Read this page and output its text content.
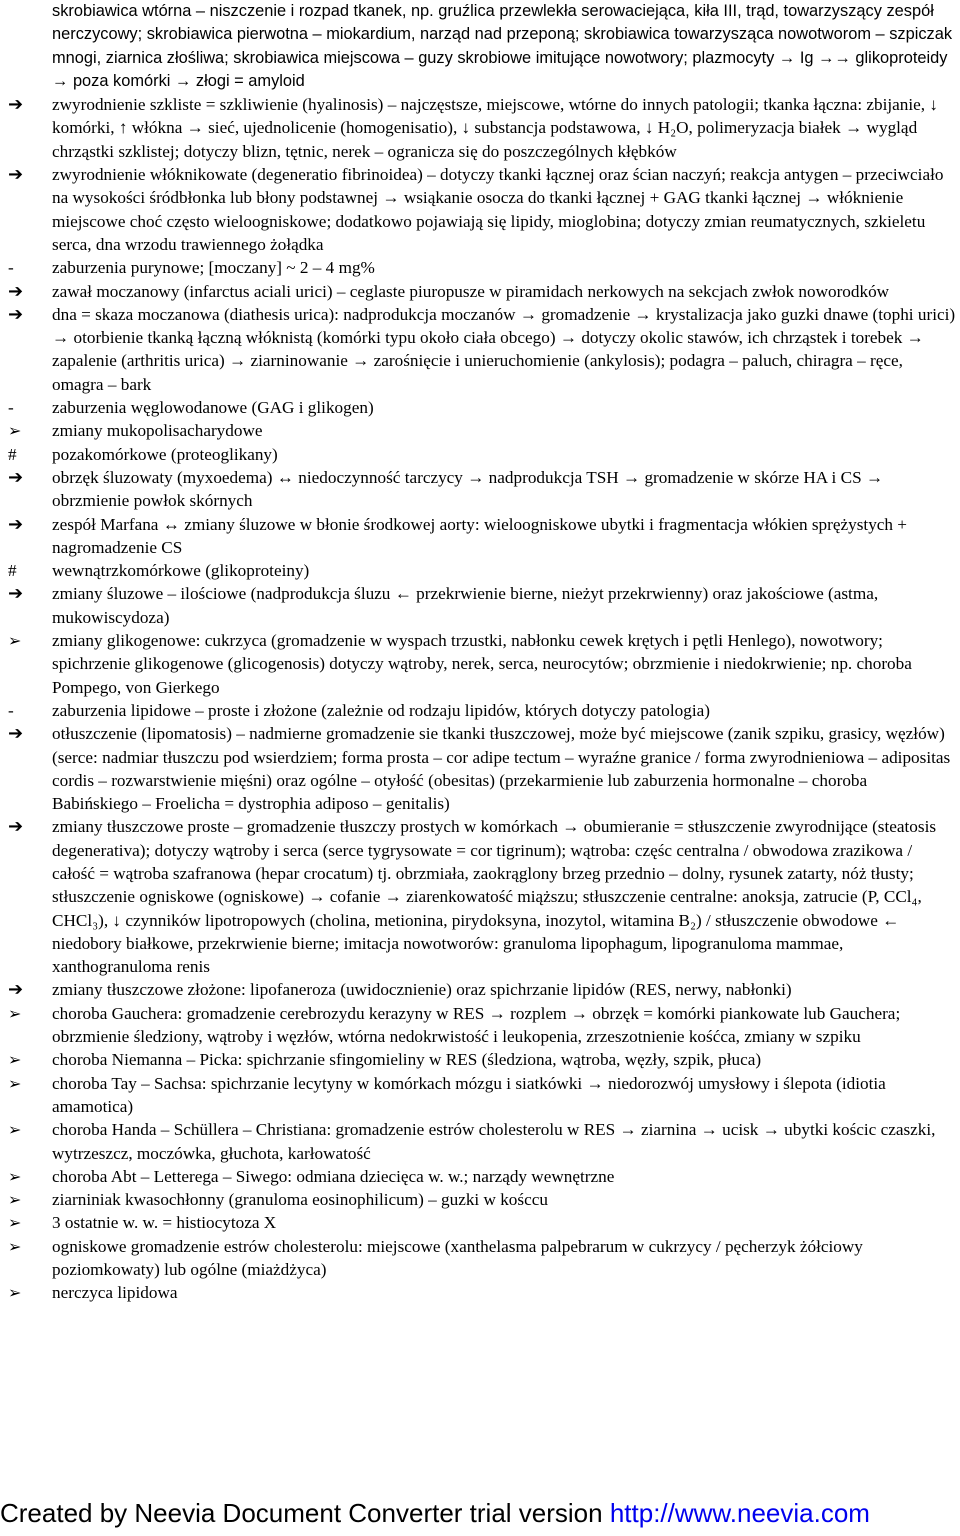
skrobiawica wtórna – niszczenie i rozpad tkanek, np. gruźlica przewlekła serowaciejąca, kiła III, trąd, towarzyszący zespół nerczycowy; skrobiawica pierwotna – miokardium, narząd nad przeponą; skrobiawica towarzysząca nowotworom – szpiczak mnogi, ziarnica złośliwa; skrobiawica miejscowa – guzy skrobiowe imitujące nowotwory; plazmocyty → Ig →→ glikoproteidy → poza komórki → złogi = amyloid
➔	zwyrodnienie szkliste = szkliwienie (hyalinosis) – najczęstsze, miejscowe, wtórne do innych patologii; tkanka łączna: zbijanie, ↓ komórki, ↑ włókna → sieć, ujednolicenie (homogenisatio), ↓ substancja podstawowa, ↓ H₂O, polimeryzacja białek → wygląd chrząstki szklistej; dotyczy blizn, tętnic, nerek – ogranicza się do poszczególnych kłębków
➔	zwyrodnienie włóknikowate (degeneratio fibrinoidea) – dotyczy tkanki łącznej oraz ścian naczyń; reakcja antygen – przeciwciało na wysokości śródbłonka lub błony podstawnej → wsiąkanie osocza do tkanki łącznej + GAG tkanki łącznej → włóknienie miejscowe choć często wieloogniskowe; dodatkowo pojawiają się lipidy, mioglobina; dotyczy zmian reumatycznych, szkieletu serca, dna wrzodu trawiennego żołądka
-	zaburzenia purynowe; [moczany] ~ 2 – 4 mg%
➔	zawał moczanowy (infarctus aciali urici) – ceglaste piuropusze w piramidach nerkowych na sekcjach zwłok noworodków
➔	dna = skaza moczanowa (diathesis urica): nadprodukcja moczanów → gromadzenie → krystalizacja jako guzki dnawe (tophi urici) → otorbienie tkanką łączną włóknistą (komórki typu około ciała obcego) → dotyczy okolic stawów, ich chrząstek i torebek → zapalenie (arthritis urica) → ziarninowanie → zarośnięcie i unieruchomienie (ankylosis); podagra – paluch, chiragra – ręce, omagra – bark
-	zaburzenia węglowodanowe (GAG i glikogen)
➢	zmiany mukopolisacharydowe
#	pozakomórkowe (proteoglikany)
➔	obrzęk śluzowaty (myxoedema) ↔ niedoczynność tarczycy → nadprodukcja TSH → gromadzenie w skórze HA i CS → obrzmienie powłok skórnych
➔	zespół Marfana ↔ zmiany śluzowe w błonie środkowej aorty: wieloogniskowe ubytki i fragmentacja włókien sprężystych + nagromadzenie CS
#	wewnątrzkomórkowe (glikoproteiny)
➔	zmiany śluzowe – ilościowe (nadprodukcja śluzu ← przekrwienie bierne, nieżyt przekrwienny) oraz jakościowe (astma, mukowiscydoza)
➢	zmiany glikogenowe: cukrzyca (gromadzenie w wyspach trzustki, nabłonku cewek krętych i pętli Henlego), nowotwory; spichrzenie glikogenowe (glicogenosis) dotyczy wątroby, nerek, serca, neurocytów; obrzmienie i niedokrwienie; np. choroba Pompego, von Gierkego
-	zaburzenia lipidowe – proste i złożone (zależnie od rodzaju lipidów, których dotyczy patologia)
➔	otłuszczenie (lipomatosis) – nadmierne gromadzenie sie tkanki tłuszczowej, może być miejscowe (zanik szpiku, grasicy, węzłów) (serce: nadmiar tłuszczu pod wsierdziem; forma prosta – cor adipe tectum – wyraźne granice / forma zwyrodnieniowa – adipositas cordis – rozwarstwienie mięśni) oraz ogólne – otyłość (obesitas) (przekarmienie lub zaburzenia hormonalne – choroba Babińskiego – Froelicha = dystrophia adiposo – genitalis)
➔	zmiany tłuszczowe proste – gromadzenie tłuszczy prostych w komórkach → obumieranie = stłuszczenie zwyrodnijące (steatosis degenerativa); dotyczy wątroby i serca (serce tygrysowate = cor tigrinum); wątroba: częśc centralna / obwodowa zrazikowa / całość = wątroba szafranowa (hepar crocatum) tj. obrzmiała, zaokrąglony brzeg przednio – dolny, rysunek zatarty, nóż tłusty; stłuszczenie ogniskowe (ogniskowe) → cofanie → ziarenkowatość miąższu; stłuszczenie centralne: anoksja, zatrucie (P, CCl₄, CHCl₃), ↓ czynników lipotropowych (cholina, metionina, pirydoksyna, inozytol, witamina B₂) / stłuszczenie obwodowe ← niedobory białkowe, przekrwienie bierne; imitacja nowotworów: granuloma lipophagum, lipogranuloma mammae, xanthogranuloma renis
➔	zmiany tłuszczowe złożone: lipofaneroza (uwidocznienie) oraz spichrzanie lipidów (RES, nerwy, nabłonki)
➢	choroba Gauchera: gromadzenie cerebrozydu kerazyny w RES → rozplem → obrzęk = komórki piankowate lub Gauchera; obrzmienie śledziony, wątroby i węzłów, wtórna nedokrwistość i leukopenia, zrzeszotnienie kośćca, zmiany w szpiku
➢	choroba Niemanna – Picka: spichrzanie sfingomieliny w RES (śledziona, wątroba, węzły, szpik, płuca)
➢	choroba Tay – Sachsa: spichrzanie lecytyny w komórkach mózgu i siatkówki → niedorozwój umysłowy i ślepota (idiotia amamotica)
➢	choroba Handa – Schüllera – Christiana: gromadzenie estrów cholesterolu w RES → ziarnina → ucisk → ubytki kościc czaszki, wytrzeszcz, moczówka, głuchota, karłowatość
➢	choroba Abt – Letterega – Siwego: odmiana dziecięca w. w.; narządy wewnętrzne
➢	ziarniniak kwasochłonny (granuloma eosinophilicum) – guzki w kośccu
➢	3 ostatnie w. w. = histiocytoza X
➢	ogniskowe gromadzenie estrów cholesterolu: miejscowe (xanthelasma palpebrarum w cukrzycy / pęcherzyk żółciowy poziomkowaty) lub ogólne (miażdżyca)
➢	nerczyca lipidowa
Created by Neevia Document Converter trial version http://www.neevia.com
